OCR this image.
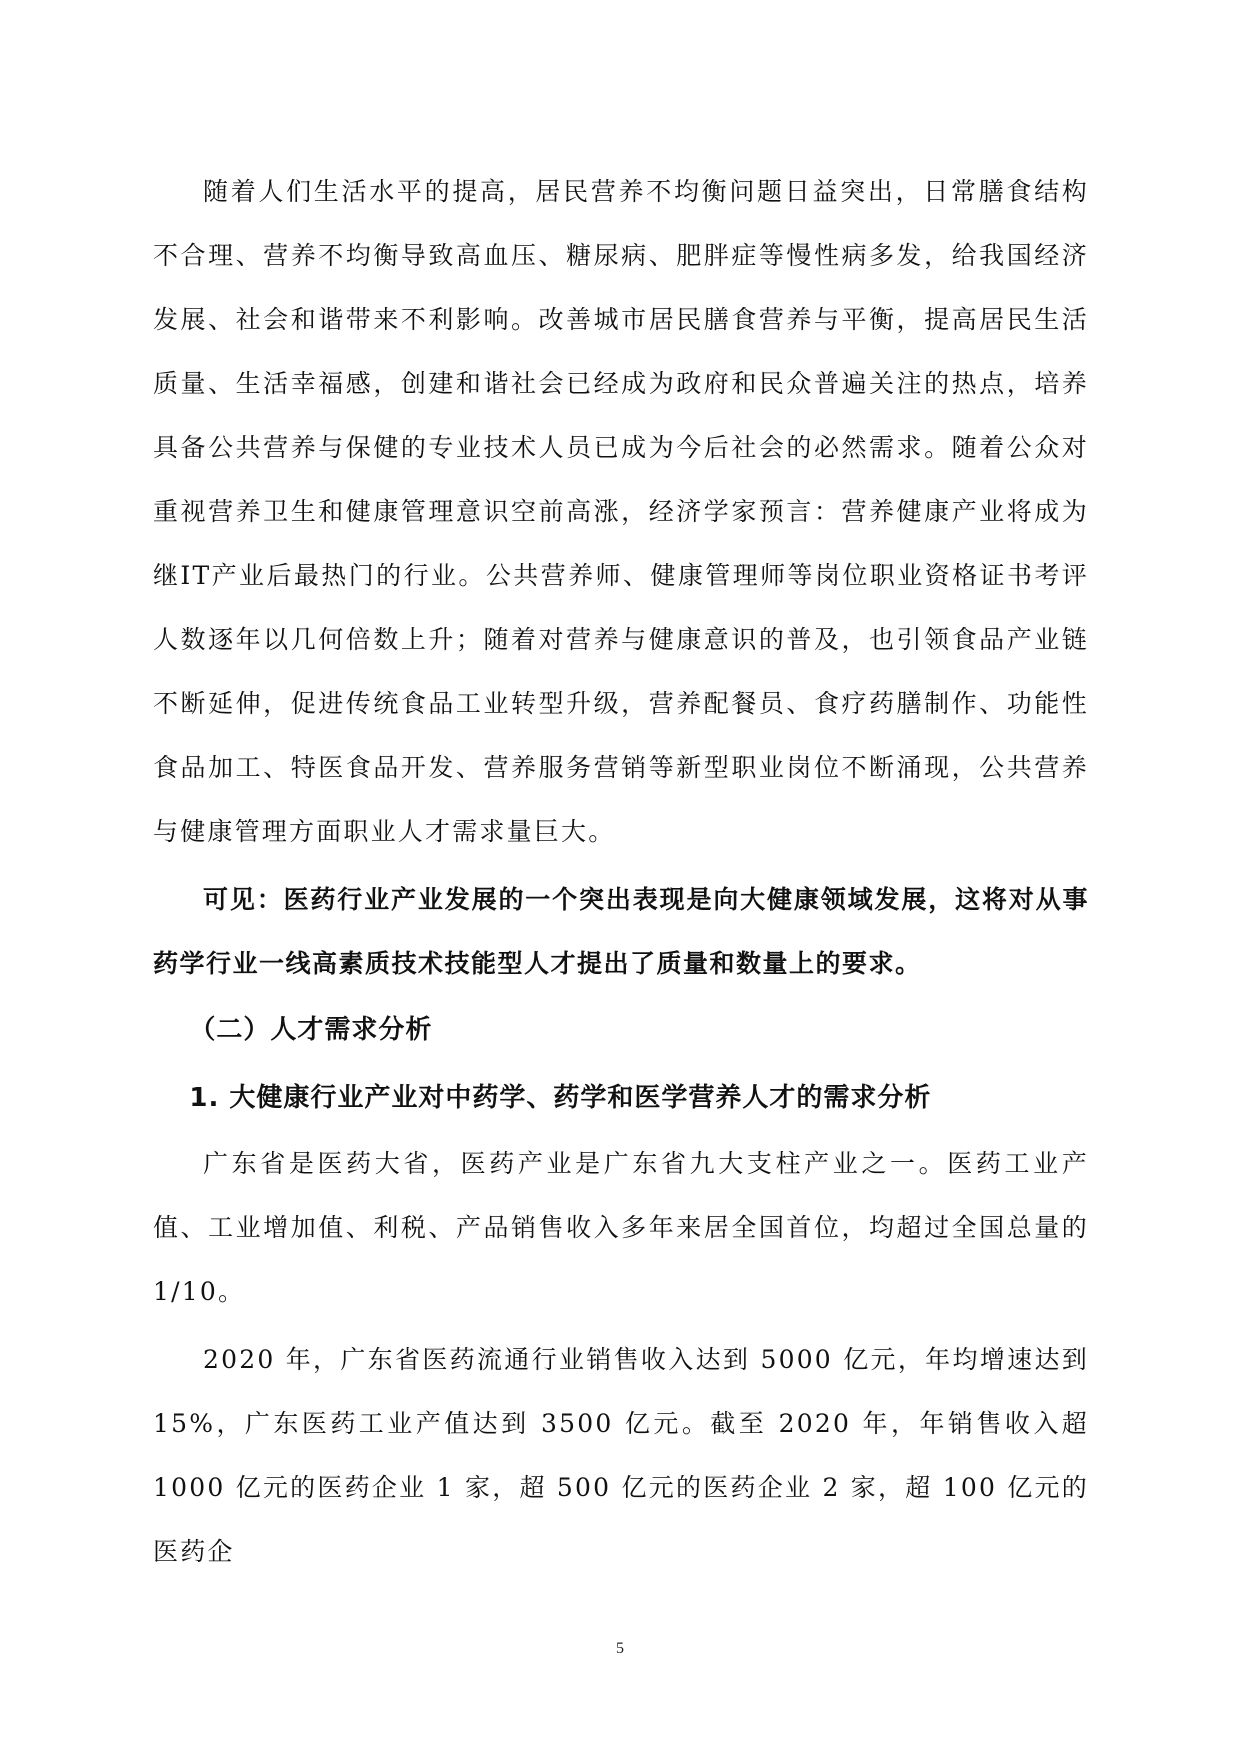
随着人们生活水平的提高，居民营养不均衡问题日益突出，日常膳食结构不合理、营养不均衡导致高血压、糖尿病、肥胖症等慢性病多发，给我国经济发展、社会和谐带来不利影响。改善城市居民膳食营养与平衡，提高居民生活质量、生活幸福感，创建和谐社会已经成为政府和民众普遍关注的热点，培养具备公共营养与保健的专业技术人员已成为今后社会的必然需求。随着公众对重视营养卫生和健康管理意识空前高涨，经济学家预言：营养健康产业将成为继IT产业后最热门的行业。公共营养师、健康管理师等岗位职业资格证书考评人数逐年以几何倍数上升；随着对营养与健康意识的普及，也引领食品产业链不断延伸，促进传统食品工业转型升级，营养配餐员、食疗药膳制作、功能性食品加工、特医食品开发、营养服务营销等新型职业岗位不断涌现，公共营养与健康管理方面职业人才需求量巨大。

可见：医药行业产业发展的一个突出表现是向大健康领域发展，这将对从事药学行业一线高素质技术技能型人才提出了质量和数量上的要求。

（二）人才需求分析

1. 大健康行业产业对中药学、药学和医学营养人才的需求分析

广东省是医药大省，医药产业是广东省九大支柱产业之一。医药工业产值、工业增加值、利税、产品销售收入多年来居全国首位，均超过全国总量的 1/10。

2020 年，广东省医药流通行业销售收入达到 5000 亿元，年均增速达到 15%，广东医药工业产值达到 3500 亿元。截至 2020 年，年销售收入超 1000 亿元的医药企业 1 家，超 500 亿元的医药企业 2 家，超 100 亿元的医药企

5
